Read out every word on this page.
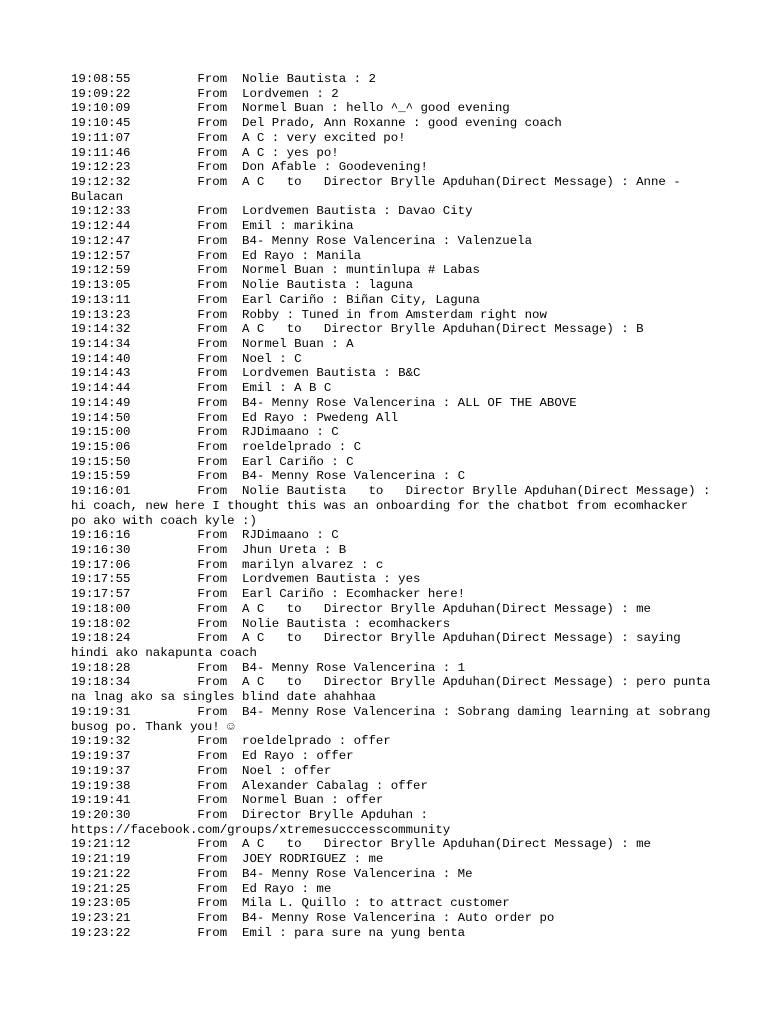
19:08:55	From  Nolie Bautista : 2
19:09:22	From  Lordvemen : 2
19:10:09	From  Normel Buan : hello ^_^ good evening
19:10:45	From  Del Prado, Ann Roxanne : good evening coach
19:11:07	From  A C : very excited po!
19:11:46	From  A C : yes po!
19:12:23	From  Don Afable : Goodevening!
19:12:32	From  A C   to   Director Brylle Apduhan(Direct Message) : Anne -
Bulacan
19:12:33	From  Lordvemen Bautista : Davao City
19:12:44	From  Emil : marikina
19:12:47	From  B4- Menny Rose Valencerina : Valenzuela
19:12:57	From  Ed Rayo : Manila
19:12:59	From  Normel Buan : muntinlupa # Labas
19:13:05	From  Nolie Bautista : laguna
19:13:11	From  Earl Cariño : Biñan City, Laguna
19:13:23	From  Robby : Tuned in from Amsterdam right now
19:14:32	From  A C   to   Director Brylle Apduhan(Direct Message) : B
19:14:34	From  Normel Buan : A
19:14:40	From  Noel : C
19:14:43	From  Lordvemen Bautista : B&C
19:14:44	From  Emil : A B C
19:14:49	From  B4- Menny Rose Valencerina : ALL OF THE ABOVE
19:14:50	From  Ed Rayo : Pwedeng All
19:15:00	From  RJDimaano : C
19:15:06	From  roeldelprado : C
19:15:50	From  Earl Cariño : C
19:15:59	From  B4- Menny Rose Valencerina : C
19:16:01	From  Nolie Bautista   to   Director Brylle Apduhan(Direct Message) :
hi coach, new here I thought this was an onboarding for the chatbot from ecomhacker
po ako with coach kyle :)
19:16:16	From  RJDimaano : C
19:16:30	From  Jhun Ureta : B
19:17:06	From  marilyn alvarez : c
19:17:55	From  Lordvemen Bautista : yes
19:17:57	From  Earl Cariño : Ecomhacker here!
19:18:00	From  A C   to   Director Brylle Apduhan(Direct Message) : me
19:18:02	From  Nolie Bautista : ecomhackers
19:18:24	From  A C   to   Director Brylle Apduhan(Direct Message) : saying
hindi ako nakapunta coach
19:18:28	From  B4- Menny Rose Valencerina : 1
19:18:34	From  A C   to   Director Brylle Apduhan(Direct Message) : pero punta
na lnag ako sa singles blind date ahahhaa
19:19:31	From  B4- Menny Rose Valencerina : Sobrang daming learning at sobrang
busog po. Thank you! ☺
19:19:32	From  roeldelprado : offer
19:19:37	From  Ed Rayo : offer
19:19:37	From  Noel : offer
19:19:38	From  Alexander Cabalag : offer
19:19:41	From  Normel Buan : offer
19:20:30	From  Director Brylle Apduhan :
https://facebook.com/groups/xtremesucccesscommunity
19:21:12	From  A C   to   Director Brylle Apduhan(Direct Message) : me
19:21:19	From  JOEY RODRIGUEZ : me
19:21:22	From  B4- Menny Rose Valencerina : Me
19:21:25	From  Ed Rayo : me
19:23:05	From  Mila L. Quillo : to attract customer
19:23:21	From  B4- Menny Rose Valencerina : Auto order po
19:23:22	From  Emil : para sure na yung benta
